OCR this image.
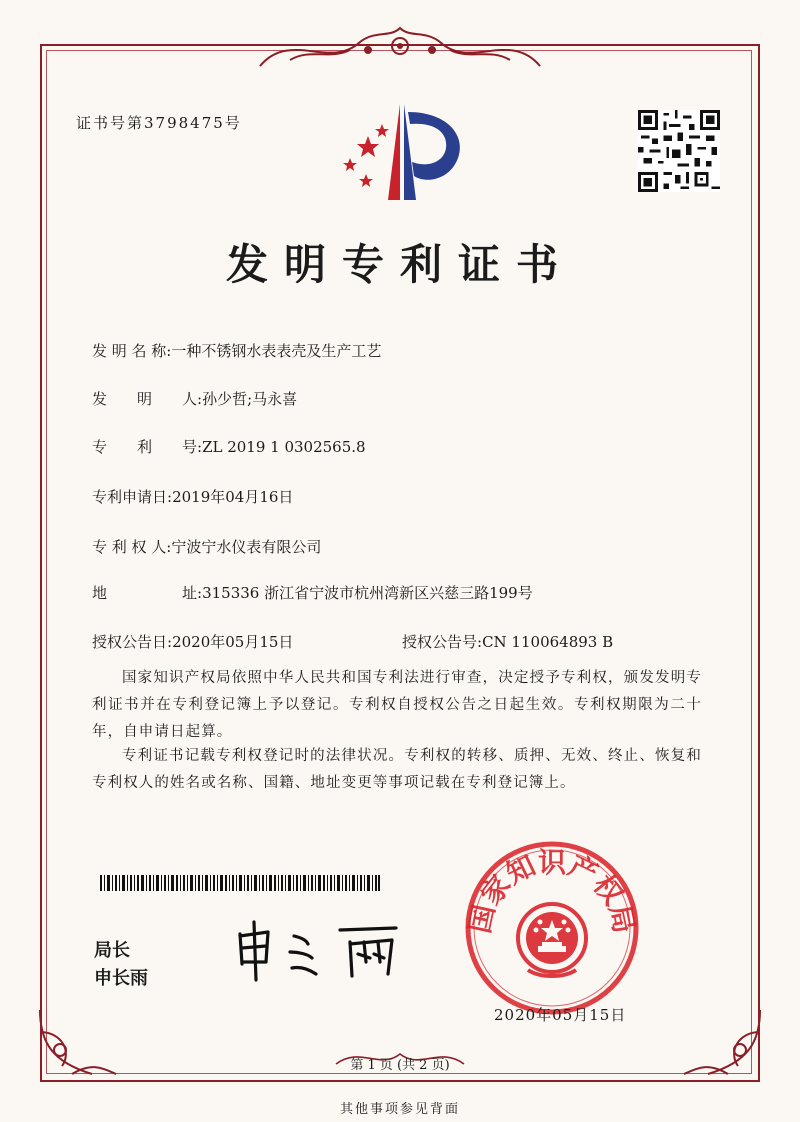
证书号第3798475号
发明专利证书
发 明 名 称:一种不锈钢水表表壳及生产工艺
发　　明　　人:孙少哲;马永喜
专　　利　　号:ZL 2019 1 0302565.8
专利申请日:2019年04月16日
专 利 权 人:宁波宁水仪表有限公司
地　　　　　址:315336 浙江省宁波市杭州湾新区兴慈三路199号
授权公告日:2020年05月15日	授权公告号:CN 110064893 B
国家知识产权局依照中华人民共和国专利法进行审查，决定授予专利权，颁发发明专利证书并在专利登记簿上予以登记。专利权自授权公告之日起生效。专利权期限为二十年，自申请日起算。
专利证书记载专利权登记时的法律状况。专利权的转移、质押、无效、终止、恢复和专利权人的姓名或名称、国籍、地址变更等事项记载在专利登记簿上。
局长
申长雨
国家知识产权局
2020年05月15日
第 1 页 (共 2 页)
其他事项参见背面
